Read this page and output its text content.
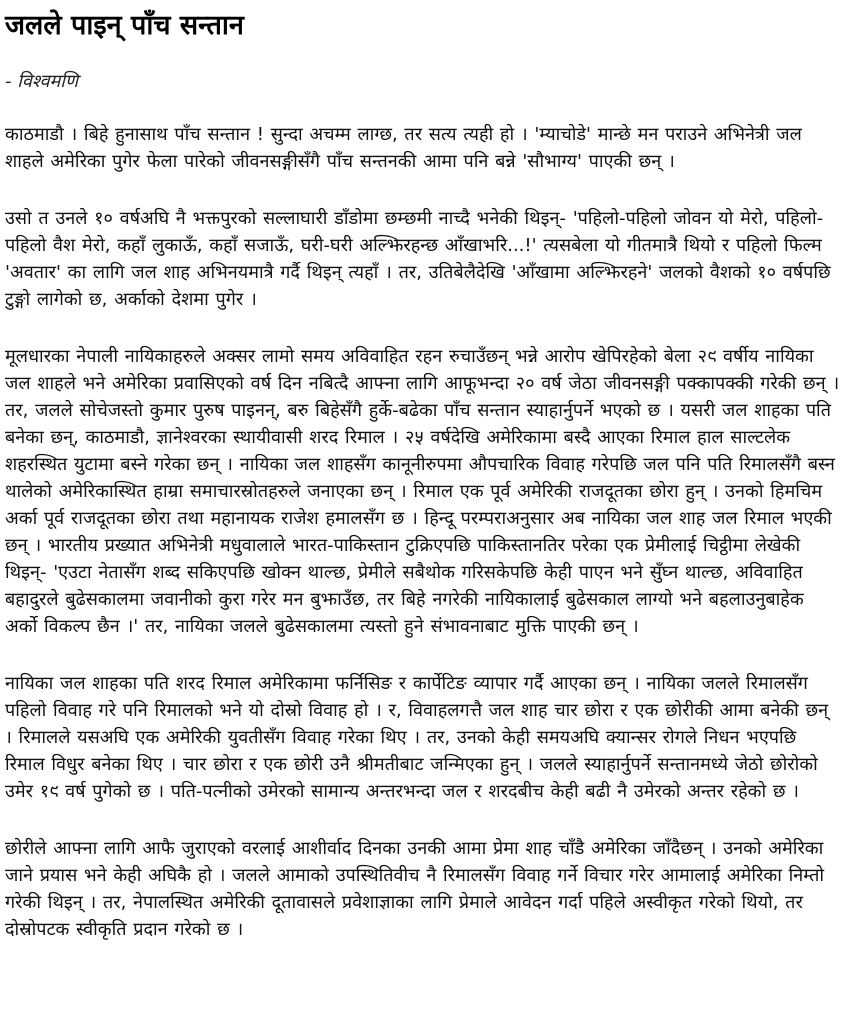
जलले पाइन् पाँच सन्तान
- विश्वमणि

काठमाडौ । बिहे हुनासाथ पाँच सन्तान ! सुन्दा अचम्म लाग्छ, तर सत्य त्यही हो । 'म्याचोडे' मान्छे मन पराउने अभिनेत्री जल शाहले अमेरिका पुगेर फेला पारेको जीवनसङ्गीसँगै पाँच सन्तनकी आमा पनि बन्ने 'सौभाग्य' पाएकी छन् ।

उसो त उनले १० वर्षअघि नै भक्तपुरको सल्लाघारी डाँडोमा छम्छमी नाच्दै भनेकी थिइन्- 'पहिलो-पहिलो जोवन यो मेरो, पहिलो-पहिलो वैश मेरो, कहाँ लुकाऊँ, कहाँ सजाऊँ, घरी-घरी अल्झिरहन्छ आँखाभरि...!' त्यसबेला यो गीतमात्रै थियो र पहिलो फिल्म 'अवतार' का लागि जल शाह अभिनयमात्रै गर्दै थिइन् त्यहाँ । तर, उतिबेलैदेखि 'आँखामा अल्झिरहने' जलको वैशको १० वर्षपछि टुङ्गो लागेको छ, अर्काको देशमा पुगेर ।

मूलधारका नेपाली नायिकाहरुले अक्सर लामो समय अविवाहित रहन रुचाउँछन् भन्ने आरोप खेपिरहेको बेला २९ वर्षीय नायिका जल शाहले भने अमेरिका प्रवासिएको वर्ष दिन नबित्दै आफ्ना लागि आफूभन्दा २० वर्ष जेठा जीवनसङ्गी पक्कापक्की गरेकी छन् । तर, जलले सोचेजस्तो कुमार पुरुष पाइनन्, बरु बिहेसँगै हुर्के-बढेका पाँच सन्तान स्याहार्नुपर्ने भएको छ । यसरी जल शाहका पति बनेका छन्, काठमाडौ, ज्ञानेश्वरका स्थायीवासी शरद रिमाल । २५ वर्षदेखि अमेरिकामा बस्दै आएका रिमाल हाल साल्टलेक शहरस्थित युटामा बस्ने गरेका छन् । नायिका जल शाहसँग कानूनीरुपमा औपचारिक विवाह गरेपछि जल पनि पति रिमालसँगै बस्न थालेको अमेरिकास्थित हाम्रा समाचारस्रोतहरुले जनाएका छन् । रिमाल एक पूर्व अमेरिकी राजदूतका छोरा हुन् । उनको हिमचिम अर्का पूर्व राजदूतका छोरा तथा महानायक राजेश हमालसँग छ । हिन्दू परम्पराअनुसार अब नायिका जल शाह जल रिमाल भएकी छन् । भारतीय प्रख्यात अभिनेत्री मधुवालाले भारत-पाकिस्तान टुक्रिएपछि पाकिस्तानतिर परेका एक प्रेमीलाई चिट्ठीमा लेखेकी थिइन्- 'एउटा नेतासँग शब्द सकिएपछि खोक्न थाल्छ, प्रेमीले सबैथोक गरिसकेपछि केही पाएन भने सुँघ्न थाल्छ, अविवाहित बहादुरले बुढेसकालमा जवानीको कुरा गरेर मन बुझाउँछ, तर बिहे नगरेकी नायिकालाई बुढेसकाल लाग्यो भने बहलाउनुबाहेक अर्को विकल्प छैन ।' तर, नायिका जलले बुढेसकालमा त्यस्तो हुने संभावनाबाट मुक्ति पाएकी छन् ।

नायिका जल शाहका पति शरद रिमाल अमेरिकामा फर्निसिङ र कार्पेटिङ व्यापार गर्दै आएका छन् । नायिका जलले रिमालसँग पहिलो विवाह गरे पनि रिमालको भने यो दोस्रो विवाह हो । र, विवाहलगत्तै जल शाह चार छोरा र एक छोरीकी आमा बनेकी छन् । रिमालले यसअघि एक अमेरिकी युवतीसँग विवाह गरेका थिए । तर, उनको केही समयअघि क्यान्सर रोगले निधन भएपछि रिमाल विधुर बनेका थिए । चार छोरा र एक छोरी उनै श्रीमतीबाट जन्मिएका हुन् । जलले स्याहार्नुपर्ने सन्तानमध्ये जेठो छोरोको उमेर १९ वर्ष पुगेको छ । पति-पत्नीको उमेरको सामान्य अन्तरभन्दा जल र शरदबीच केही बढी नै उमेरको अन्तर रहेको छ ।

छोरीले आफ्ना लागि आफै जुराएको वरलाई आशीर्वाद दिनका उनकी आमा प्रेमा शाह चाँडै अमेरिका जाँदैछन् । उनको अमेरिका जाने प्रयास भने केही अघिकै हो । जलले आमाको उपस्थितिवीच नै रिमालसँग विवाह गर्ने विचार गरेर आमालाई अमेरिका निम्तो गरेकी थिइन् । तर, नेपालस्थित अमेरिकी दूतावासले प्रवेशाज्ञाका लागि प्रेमाले आवेदन गर्दा पहिले अस्वीकृत गरेको थियो, तर दोस्रोपटक स्वीकृति प्रदान गरेको छ ।
